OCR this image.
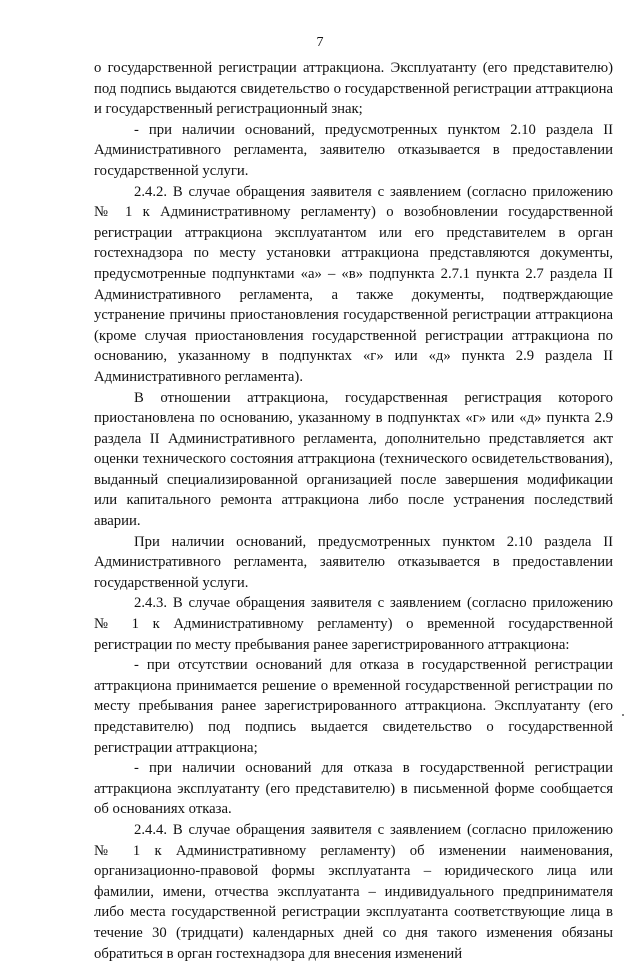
7

о государственной регистрации аттракциона. Эксплуатанту (его представителю) под подпись выдаются свидетельство о государственной регистрации аттракциона и государственный регистрационный знак;

- при наличии оснований, предусмотренных пунктом 2.10 раздела II Административного регламента, заявителю отказывается в предоставлении государственной услуги.

2.4.2. В случае обращения заявителя с заявлением (согласно приложению № 1 к Административному регламенту) о возобновлении государственной регистрации аттракциона эксплуатантом или его представителем в орган гостехнадзора по месту установки аттракциона представляются документы, предусмотренные подпунктами «а» – «в» подпункта 2.7.1 пункта 2.7 раздела II Административного регламента, а также документы, подтверждающие устранение причины приостановления государственной регистрации аттракциона (кроме случая приостановления государственной регистрации аттракциона по основанию, указанному в подпунктах «г» или «д» пункта 2.9 раздела II Административного регламента).

В отношении аттракциона, государственная регистрация которого приостановлена по основанию, указанному в подпунктах «г» или «д» пункта 2.9 раздела II Административного регламента, дополнительно представляется акт оценки технического состояния аттракциона (технического освидетельствования), выданный специализированной организацией после завершения модификации или капитального ремонта аттракциона либо после устранения последствий аварии.

При наличии оснований, предусмотренных пунктом 2.10 раздела II Административного регламента, заявителю отказывается в предоставлении государственной услуги.

2.4.3. В случае обращения заявителя с заявлением (согласно приложению № 1 к Административному регламенту) о временной государственной регистрации по месту пребывания ранее зарегистрированного аттракциона:

- при отсутствии оснований для отказа в государственной регистрации аттракциона принимается решение о временной государственной регистрации по месту пребывания ранее зарегистрированного аттракциона. Эксплуатанту (его представителю) под подпись выдается свидетельство о государственной регистрации аттракциона;

- при наличии оснований для отказа в государственной регистрации аттракциона эксплуатанту (его представителю) в письменной форме сообщается об основаниях отказа.

2.4.4. В случае обращения заявителя с заявлением (согласно приложению № 1 к Административному регламенту) об изменении наименования, организационно-правовой формы эксплуатанта – юридического лица или фамилии, имени, отчества эксплуатанта – индивидуального предпринимателя либо места государственной регистрации эксплуатанта соответствующие лица в течение 30 (тридцати) календарных дней со дня такого изменения обязаны обратиться в орган гостехнадзора для внесения изменений
